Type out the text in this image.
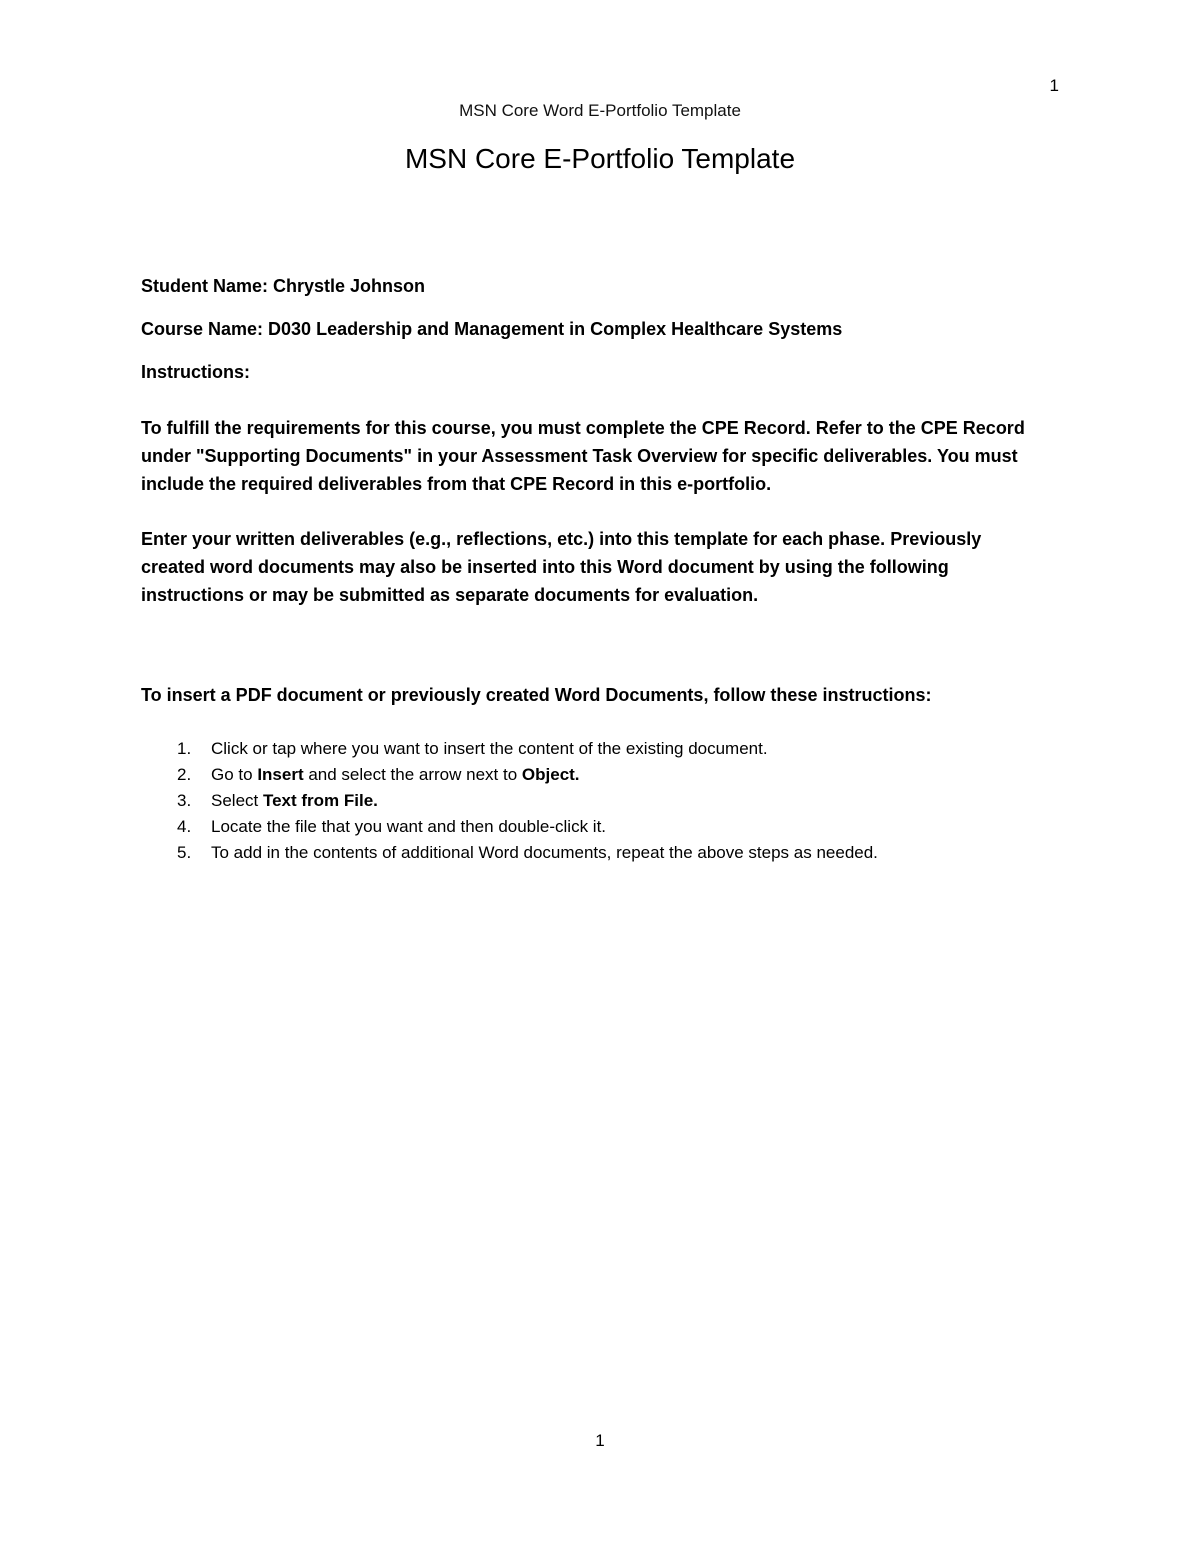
1
MSN Core Word E-Portfolio Template
MSN Core E-Portfolio Template

Student Name: Chrystle Johnson

Course Name: D030 Leadership and Management in Complex Healthcare Systems

Instructions:

To fulfill the requirements for this course, you must complete the CPE Record. Refer to the CPE Record under "Supporting Documents" in your Assessment Task Overview for specific deliverables. You must include the required deliverables from that CPE Record in this e-portfolio.

Enter your written deliverables (e.g., reflections, etc.) into this template for each phase. Previously created word documents may also be inserted into this Word document by using the following instructions or may be submitted as separate documents for evaluation.

To insert a PDF document or previously created Word Documents, follow these instructions:

1. Click or tap where you want to insert the content of the existing document.
2. Go to Insert and select the arrow next to Object.
3. Select Text from File.
4. Locate the file that you want and then double-click it.
5. To add in the contents of additional Word documents, repeat the above steps as needed.
1
